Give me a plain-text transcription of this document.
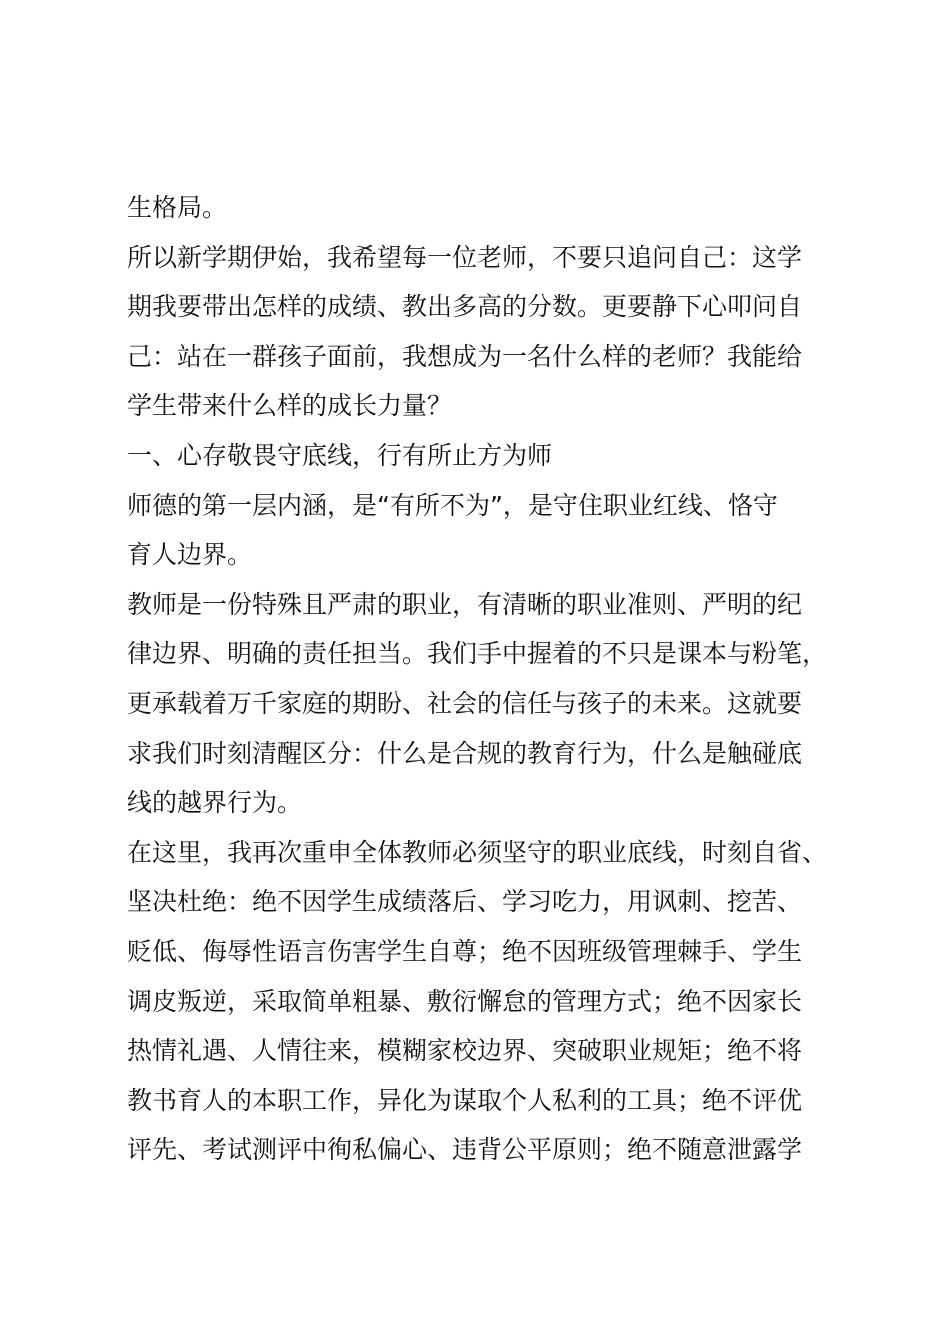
生格局。
所以新学期伊始，我希望每一位老师，不要只追问自己：这学
期我要带出怎样的成绩、教出多高的分数。更要静下心叩问自
己：站在一群孩子面前，我想成为一名什么样的老师？我能给
学生带来什么样的成长力量？
一、心存敬畏守底线，行有所止方为师
师德的第一层内涵，是“有所不为”，是守住职业红线、恪守
育人边界。
教师是一份特殊且严肃的职业，有清晰的职业准则、严明的纪
律边界、明确的责任担当。我们手中握着的不只是课本与粉笔，
更承载着万千家庭的期盼、社会的信任与孩子的未来。这就要
求我们时刻清醒区分：什么是合规的教育行为，什么是触碰底
线的越界行为。
在这里，我再次重申全体教师必须坚守的职业底线，时刻自省、
坚决杜绝：绝不因学生成绩落后、学习吃力，用讽刺、挖苦、
贬低、侮辱性语言伤害学生自尊；绝不因班级管理棘手、学生
调皮叛逆，采取简单粗暴、敷衍懈怠的管理方式；绝不因家长
热情礼遇、人情往来，模糊家校边界、突破职业规矩；绝不将
教书育人的本职工作，异化为谋取个人私利的工具；绝不评优
评先、考试测评中徇私偏心、违背公平原则；绝不随意泄露学
